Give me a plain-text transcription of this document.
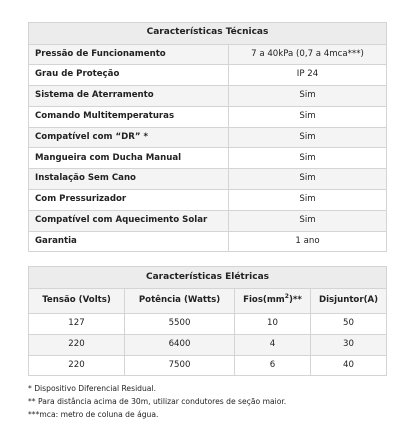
Características Técnicas	
Pressão de Funcionamento	7 a 40kPa (0,7 a 4mca***)
Grau de Proteção	IP 24
Sistema de Aterramento	Sim
Comando Multitemperaturas	Sim
Compatível com “DR” *	Sim
Mangueira com Ducha Manual	Sim
Instalação Sem Cano	Sim
Com Pressurizador	Sim
Compatível com Aquecimento Solar	Sim
Garantia	1 ano
Características Elétricas			
Tensão (Volts)	Potência (Watts)	$Fios(mm^2)**$	Disjuntor(A)
127	5500	10	50
220	6400	4	30
220	7500	6	40
* Dispositivo Diferencial Residual.
** Para distância acima de 30m, utilizar condutores de seção maior.
***mca: metro de coluna de água.
